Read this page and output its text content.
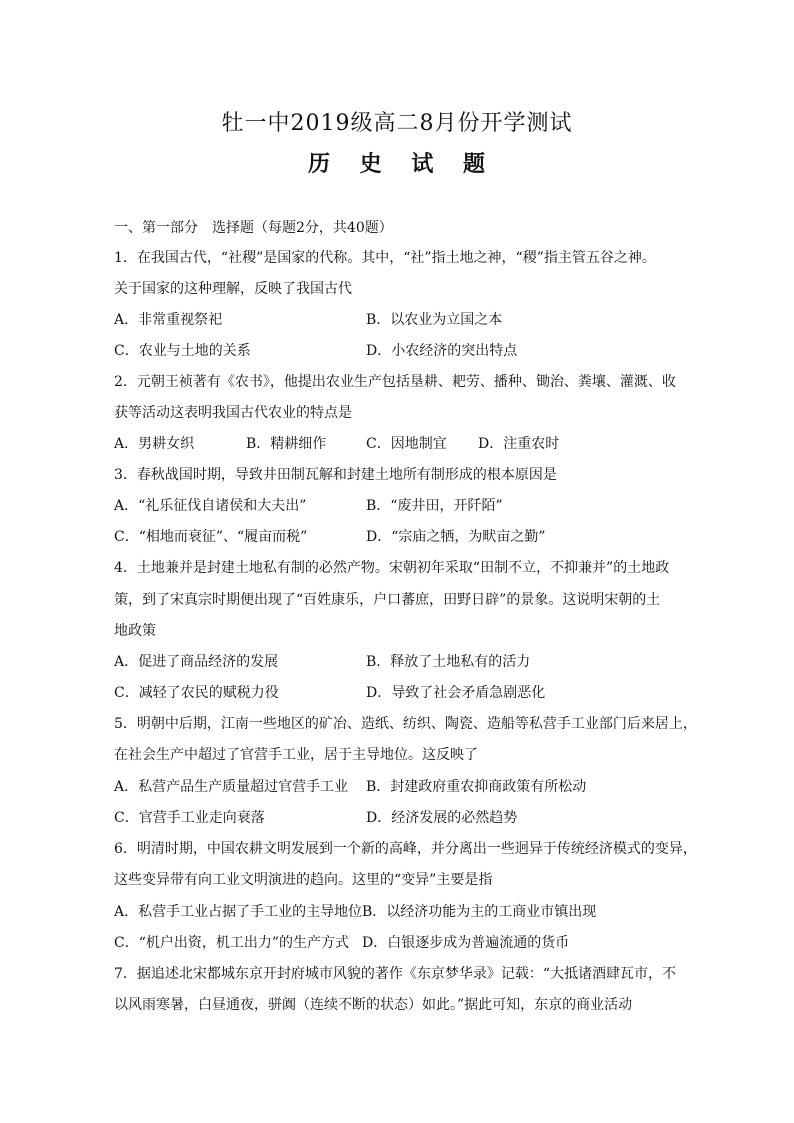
牡一中2019级高二8月份开学测试
历 史 试 题
一、第一部分　选择题（每题2分，共40题）
1．在我国古代，“社稷”是国家的代称。其中，“社”指土地之神，“稷”指主管五谷之神。
关于国家的这种理解，反映了我国古代
A．非常重视祭祀	B．以农业为立国之本
C．农业与土地的关系	D．小农经济的突出特点
2．元朝王祯著有《农书》，他提出农业生产包括垦耕、耙劳、播种、锄治、粪壤、灌溉、收
获等活动这表明我国古代农业的特点是
A．男耕女织	B．精耕细作	C．因地制宜 D．注重农时
3．春秋战国时期，导致井田制瓦解和封建土地所有制形成的根本原因是
A．“礼乐征伐自诸侯和大夫出”	B．“废井田，开阡陌”
C．“相地而衰征”、“履亩而税”	D．“宗庙之牺，为畎亩之勤”
4．土地兼并是封建土地私有制的必然产物。宋朝初年采取“田制不立，不抑兼并”的土地政
策，到了宋真宗时期便出现了“百姓康乐，户口蕃庶，田野日辟”的景象。这说明宋朝的土
地政策
A．促进了商品经济的发展	B．释放了土地私有的活力
C．减轻了农民的赋税力役	D．导致了社会矛盾急剧恶化
5．明朝中后期，江南一些地区的矿冶、造纸、纺织、陶瓷、造船等私营手工业部门后来居上，
在社会生产中超过了官营手工业，居于主导地位。这反映了
A．私营产品生产质量超过官营手工业 B．封建政府重农抑商政策有所松动
C．官营手工业走向衰落	D．经济发展的必然趋势
6．明清时期，中国农耕文明发展到一个新的高峰，并分离出一些迥异于传统经济模式的变异，
这些变异带有向工业文明演进的趋向。这里的“变异”主要是指
A．私营手工业占据了手工业的主导地位 B．以经济功能为主的工商业市镇出现
C．“机户出资，机工出力”的生产方式 D．白银逐步成为普遍流通的货币
7．据追述北宋都城东京开封府城市风貌的著作《东京梦华录》记载：“大抵诸酒肆瓦市，不
以风雨寒暑，白昼通夜，骈阗（连续不断的状态）如此。”据此可知，东京的商业活动
